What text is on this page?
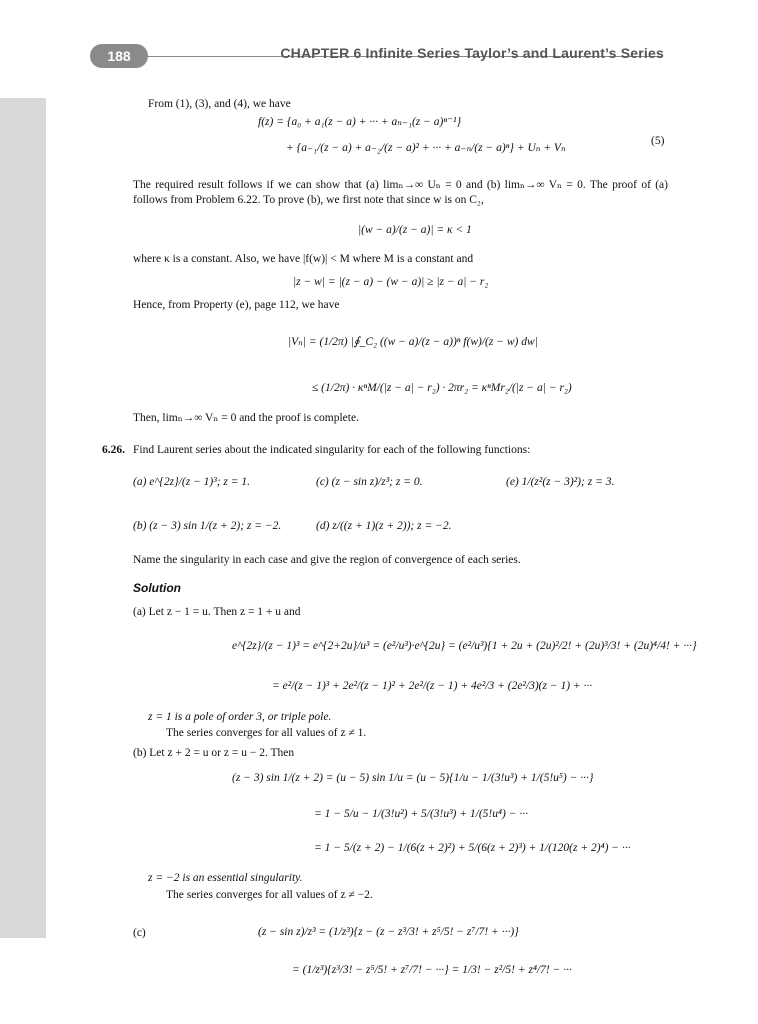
188	CHAPTER 6 Infinite Series Taylor’s and Laurent’s Series
From (1), (3), and (4), we have
f(z) = {a₀ + a₁(z − a) + ··· + aₙ₋₁(z − a)ⁿ⁻¹}
+ {a₋₁/(z − a) + a₋₂/(z − a)² + ··· + a₋ₙ/(z − a)ⁿ} + Uₙ + Vₙ
(5)
The required result follows if we can show that (a) limₙ→∞ Uₙ = 0 and (b) limₙ→∞ Vₙ = 0. The proof of (a) follows from Problem 6.22. To prove (b), we first note that since w is on C₂,
|(w − a)/(z − a)| = κ < 1
where κ is a constant. Also, we have |f(w)| < M where M is a constant and
|z − w| = |(z − a) − (w − a)| ≥ |z − a| − r₂
Hence, from Property (e), page 112, we have
|Vₙ| = (1/2π) |∮_C₂ ((w − a)/(z − a))ⁿ f(w)/(z − w) dw|
≤ (1/2π) · κⁿM/(|z − a| − r₂) · 2πr₂ = κⁿMr₂/(|z − a| − r₂)
Then, limₙ→∞ Vₙ = 0 and the proof is complete.
6.26. Find Laurent series about the indicated singularity for each of the following functions:
(a) e^{2z}/(z − 1)³; z = 1.	(c) (z − sin z)/z³; z = 0.	(e) 1/(z²(z − 3)²); z = 3.
(b) (z − 3) sin 1/(z + 2); z = −2.	(d) z/((z + 1)(z + 2)); z = −2.
Name the singularity in each case and give the region of convergence of each series.
Solution
(a) Let z − 1 = u. Then z = 1 + u and
e^{2z}/(z − 1)³ = e^{2+2u}/u³ = (e²/u³)·e^{2u} = (e²/u³){1 + 2u + (2u)²/2! + (2u)³/3! + (2u)⁴/4! + ···}
= e²/(z − 1)³ + 2e²/(z − 1)² + 2e²/(z − 1) + 4e²/3 + (2e²/3)(z − 1) + ···
z = 1 is a pole of order 3, or triple pole.
The series converges for all values of z ≠ 1.
(b) Let z + 2 = u or z = u − 2. Then
(z − 3) sin 1/(z + 2) = (u − 5) sin 1/u = (u − 5){1/u − 1/(3!u³) + 1/(5!u⁵) − ···}
= 1 − 5/u − 1/(3!u²) + 5/(3!u³) + 1/(5!u⁴) − ···
= 1 − 5/(z + 2) − 1/(6(z + 2)²) + 5/(6(z + 2)³) + 1/(120(z + 2)⁴) − ···
z = −2 is an essential singularity.
The series converges for all values of z ≠ −2.
(c)	(z − sin z)/z³ = (1/z³){z − (z − z³/3! + z⁵/5! − z⁷/7! + ···)}
= (1/z³){z³/3! − z⁵/5! + z⁷/7! − ···} = 1/3! − z²/5! + z⁴/7! − ···
